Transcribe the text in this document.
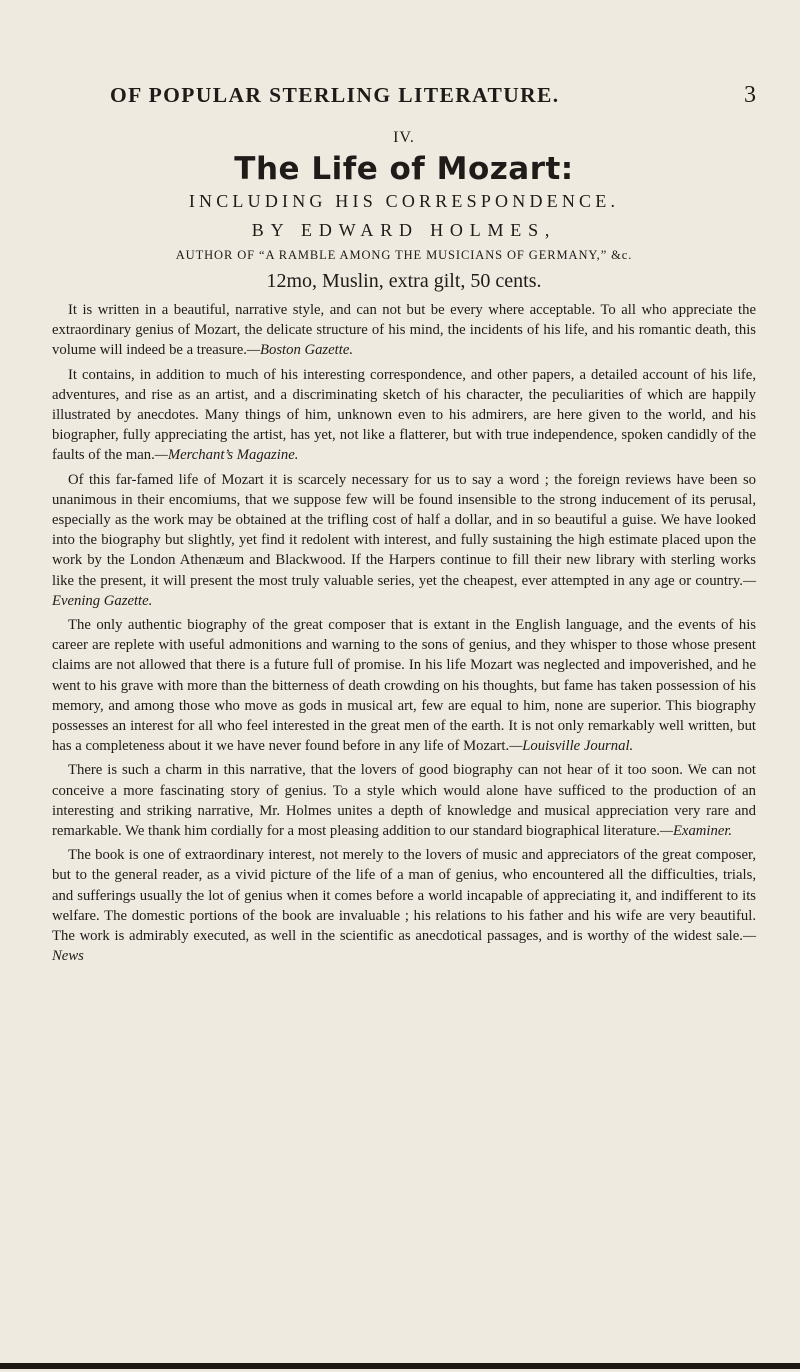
OF POPULAR STERLING LITERATURE.	3
IV.
The Life of Mozart:
INCLUDING HIS CORRESPONDENCE.
BY EDWARD HOLMES,
AUTHOR OF “A RAMBLE AMONG THE MUSICIANS OF GERMANY,” &c.
12mo, Muslin, extra gilt, 50 cents.

It is written in a beautiful, narrative style, and can not but be every where acceptable. To all who appreciate the extraordinary genius of Mozart, the delicate structure of his mind, the incidents of his life, and his romantic death, this volume will indeed be a treasure.—Boston Gazette.

It contains, in addition to much of his interesting correspondence, and other papers, a detailed account of his life, adventures, and rise as an artist, and a discriminating sketch of his character, the peculiarities of which are happily illustrated by anecdotes. Many things of him, unknown even to his admirers, are here given to the world, and his biographer, fully appreciating the artist, has yet, not like a flatterer, but with true independence, spoken candidly of the faults of the man.—Merchant’s Magazine.

Of this far-famed life of Mozart it is scarcely necessary for us to say a word ; the foreign reviews have been so unanimous in their encomiums, that we suppose few will be found insensible to the strong inducement of its perusal, especially as the work may be obtained at the trifling cost of half a dollar, and in so beautiful a guise. We have looked into the biography but slightly, yet find it redolent with interest, and fully sustaining the high estimate placed upon the work by the London Athenæum and Blackwood. If the Harpers continue to fill their new library with sterling works like the present, it will present the most truly valuable series, yet the cheapest, ever attempted in any age or country.—Evening Gazette.

The only authentic biography of the great composer that is extant in the English language, and the events of his career are replete with useful admonitions and warning to the sons of genius, and they whisper to those whose present claims are not allowed that there is a future full of promise. In his life Mozart was neglected and impoverished, and he went to his grave with more than the bitterness of death crowding on his thoughts, but fame has taken possession of his memory, and among those who move as gods in musical art, few are equal to him, none are superior. This biography possesses an interest for all who feel interested in the great men of the earth. It is not only remarkably well written, but has a completeness about it we have never found before in any life of Mozart.—Louisville Journal.

There is such a charm in this narrative, that the lovers of good biography can not hear of it too soon. We can not conceive a more fascinating story of genius. To a style which would alone have sufficed to the production of an interesting and striking narrative, Mr. Holmes unites a depth of knowledge and musical appreciation very rare and remarkable. We thank him cordially for a most pleasing addition to our standard biographical literature.—Examiner.

The book is one of extraordinary interest, not merely to the lovers of music and appreciators of the great composer, but to the general reader, as a vivid picture of the life of a man of genius, who encountered all the difficulties, trials, and sufferings usually the lot of genius when it comes before a world incapable of appreciating it, and indifferent to its welfare. The domestic portions of the book are invaluable ; his relations to his father and his wife are very beautiful. The work is admirably executed, as well in the scientific as anecdotical passages, and is worthy of the widest sale.—News
